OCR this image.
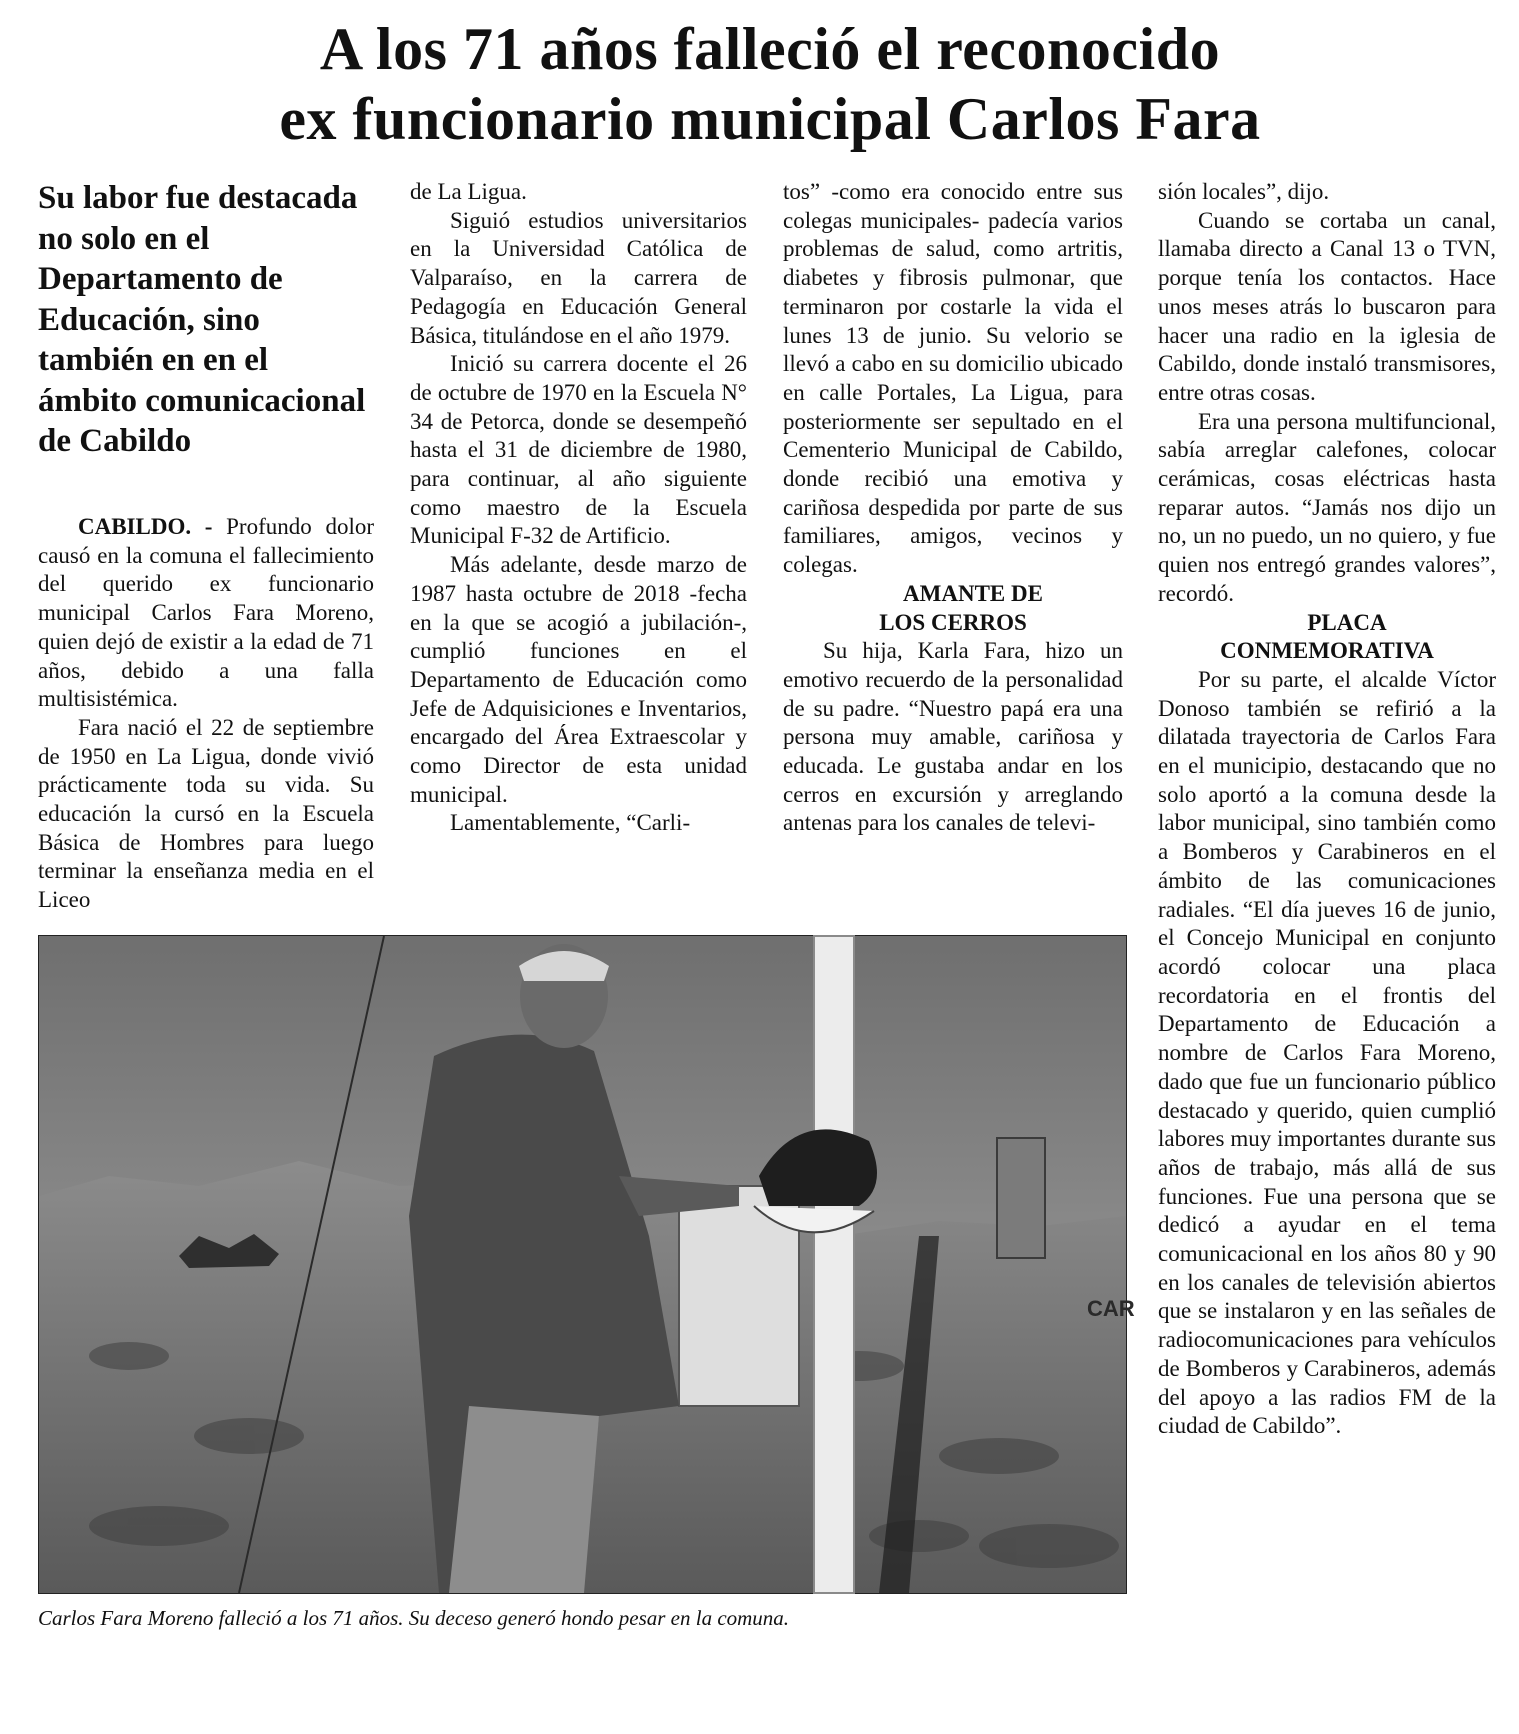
A los 71 años falleció el reconocido
ex funcionario municipal Carlos Fara
Su labor fue destacada no solo en el Departamento de Educación, sino también en en el ámbito comunicacional de Cabildo

CABILDO. - Profundo dolor causó en la comuna el fallecimiento del querido ex funcionario municipal Carlos Fara Moreno, quien dejó de existir a la edad de 71 años, debido a una falla multisistémica.

Fara nació el 22 de septiembre de 1950 en La Ligua, donde vivió prácticamente toda su vida. Su educación la cursó en la Escuela Básica de Hombres para luego terminar la enseñanza media en el Liceo

de La Ligua.

Siguió estudios universitarios en la Universidad Católica de Valparaíso, en la carrera de Pedagogía en Educación General Básica, titulándose en el año 1979.

Inició su carrera docente el 26 de octubre de 1970 en la Escuela N° 34 de Petorca, donde se desempeñó hasta el 31 de diciembre de 1980, para continuar, al año siguiente como maestro de la Escuela Municipal F-32 de Artificio.

Más adelante, desde marzo de 1987 hasta octubre de 2018 -fecha en la que se acogió a jubilación-, cumplió funciones en el Departamento de Educación como Jefe de Adquisiciones e Inventarios, encargado del Área Extraescolar y como Director de esta unidad municipal.

Lamentablemente, “Carli-

tos” -como era conocido entre sus colegas municipales- padecía varios problemas de salud, como artritis, diabetes y fibrosis pulmonar, que terminaron por costarle la vida el lunes 13 de junio. Su velorio se llevó a cabo en su domicilio ubicado en calle Portales, La Ligua, para posteriormente ser sepultado en el Cementerio Municipal de Cabildo, donde recibió una emotiva y cariñosa despedida por parte de sus familiares, amigos, vecinos y colegas.

AMANTE DE
LOS CERROS

Su hija, Karla Fara, hizo un emotivo recuerdo de la personalidad de su padre. “Nuestro papá era una persona muy amable, cariñosa y educada. Le gustaba andar en los cerros en excursión y arreglando antenas para los canales de televi-

sión locales”, dijo.

Cuando se cortaba un canal, llamaba directo a Canal 13 o TVN, porque tenía los contactos. Hace unos meses atrás lo buscaron para hacer una radio en la iglesia de Cabildo, donde instaló transmisores, entre otras cosas.

Era una persona multifuncional, sabía arreglar calefones, colocar cerámicas, cosas eléctricas hasta reparar autos. “Jamás nos dijo un no, un no puedo, un no quiero, y fue quien nos entregó grandes valores”, recordó.

PLACA
CONMEMORATIVA

Por su parte, el alcalde Víctor Donoso también se refirió a la dilatada trayectoria de Carlos Fara en el municipio, destacando que no solo aportó a la comuna desde la labor municipal, sino también como a Bomberos y Carabineros en el ámbito de las comunicaciones radiales. “El día jueves 16 de junio, el Concejo Municipal en conjunto acordó colocar una placa recordatoria en el frontis del Departamento de Educación a nombre de Carlos Fara Moreno, dado que fue un funcionario público destacado y querido, quien cumplió labores muy importantes durante sus años de trabajo, más allá de sus funciones. Fue una persona que se dedicó a ayudar en el tema comunicacional en los años 80 y 90 en los canales de televisión abiertos que se instalaron y en las señales de radiocomunicaciones para vehículos de Bomberos y Carabineros, además del apoyo a las radios FM de la ciudad de Cabildo”.

CAR
Carlos Fara Moreno falleció a los 71 años. Su deceso generó hondo pesar en la comuna.
